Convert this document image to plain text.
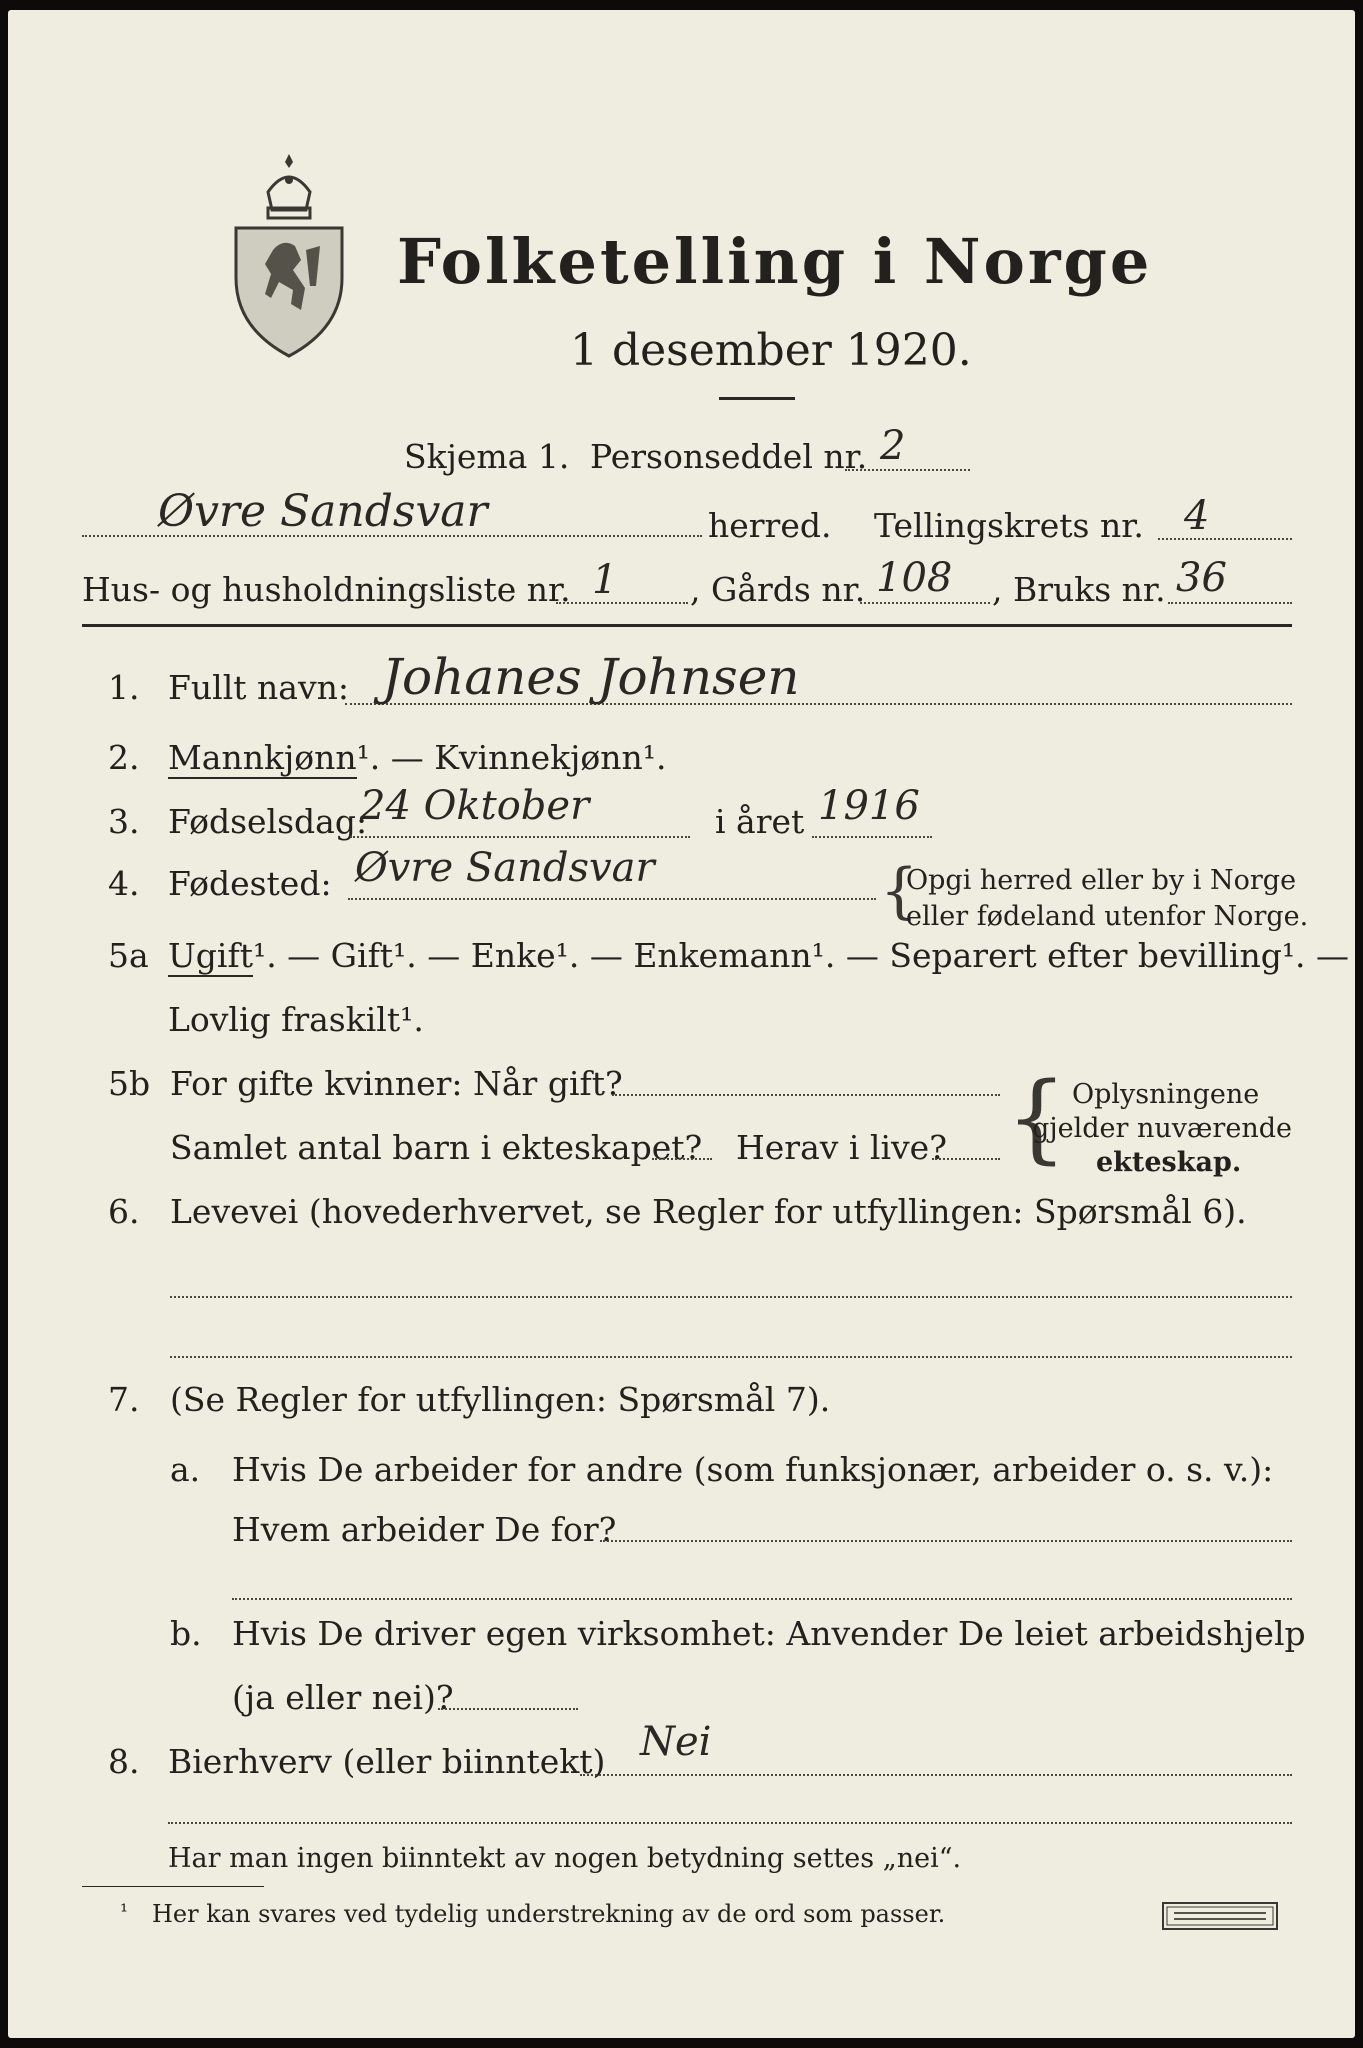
Folketelling i Norge
1 desember 1920.
Skjema 1. Personseddel nr. 2
Øvre Sandsvar	herred. Tellingskrets nr. 4
Hus- og husholdningsliste nr. 1 , Gårds nr. 108 , Bruks nr. 36
1. Fullt navn: Johanes Johnsen
2. Mannkjønn¹. — Kvinnekjønn¹.
3. Fødselsdag:
24 Oktober	i året 1916
4. Fødested: Øvre Sandsvar	{
Opgi herred eller by i Norge
eller fødeland utenfor Norge.
5a Ugift¹. — Gift¹. — Enke¹. — Enkemann¹. — Separert efter bevilling¹. —
Lovlig fraskilt¹.
5b For gifte kvinner: Når gift?
Samlet antal barn i ekteskapet? Herav i live? { Oplysningene
gjelder nuværende
ekteskap.
6. Levevei (hovederhvervet, se Regler for utfyllingen: Spørsmål 6).
7. (Se Regler for utfyllingen: Spørsmål 7).
a. Hvis De arbeider for andre (som funksjonær, arbeider o. s. v.):
Hvem arbeider De for?
b. Hvis De driver egen virksomhet: Anvender De leiet arbeidshjelp
(ja eller nei)?
8. Bierhverv (eller biinntekt) Nei
Har man ingen biinntekt av nogen betydning settes „nei“.
¹ Her kan svares ved tydelig understrekning av de ord som passer.
